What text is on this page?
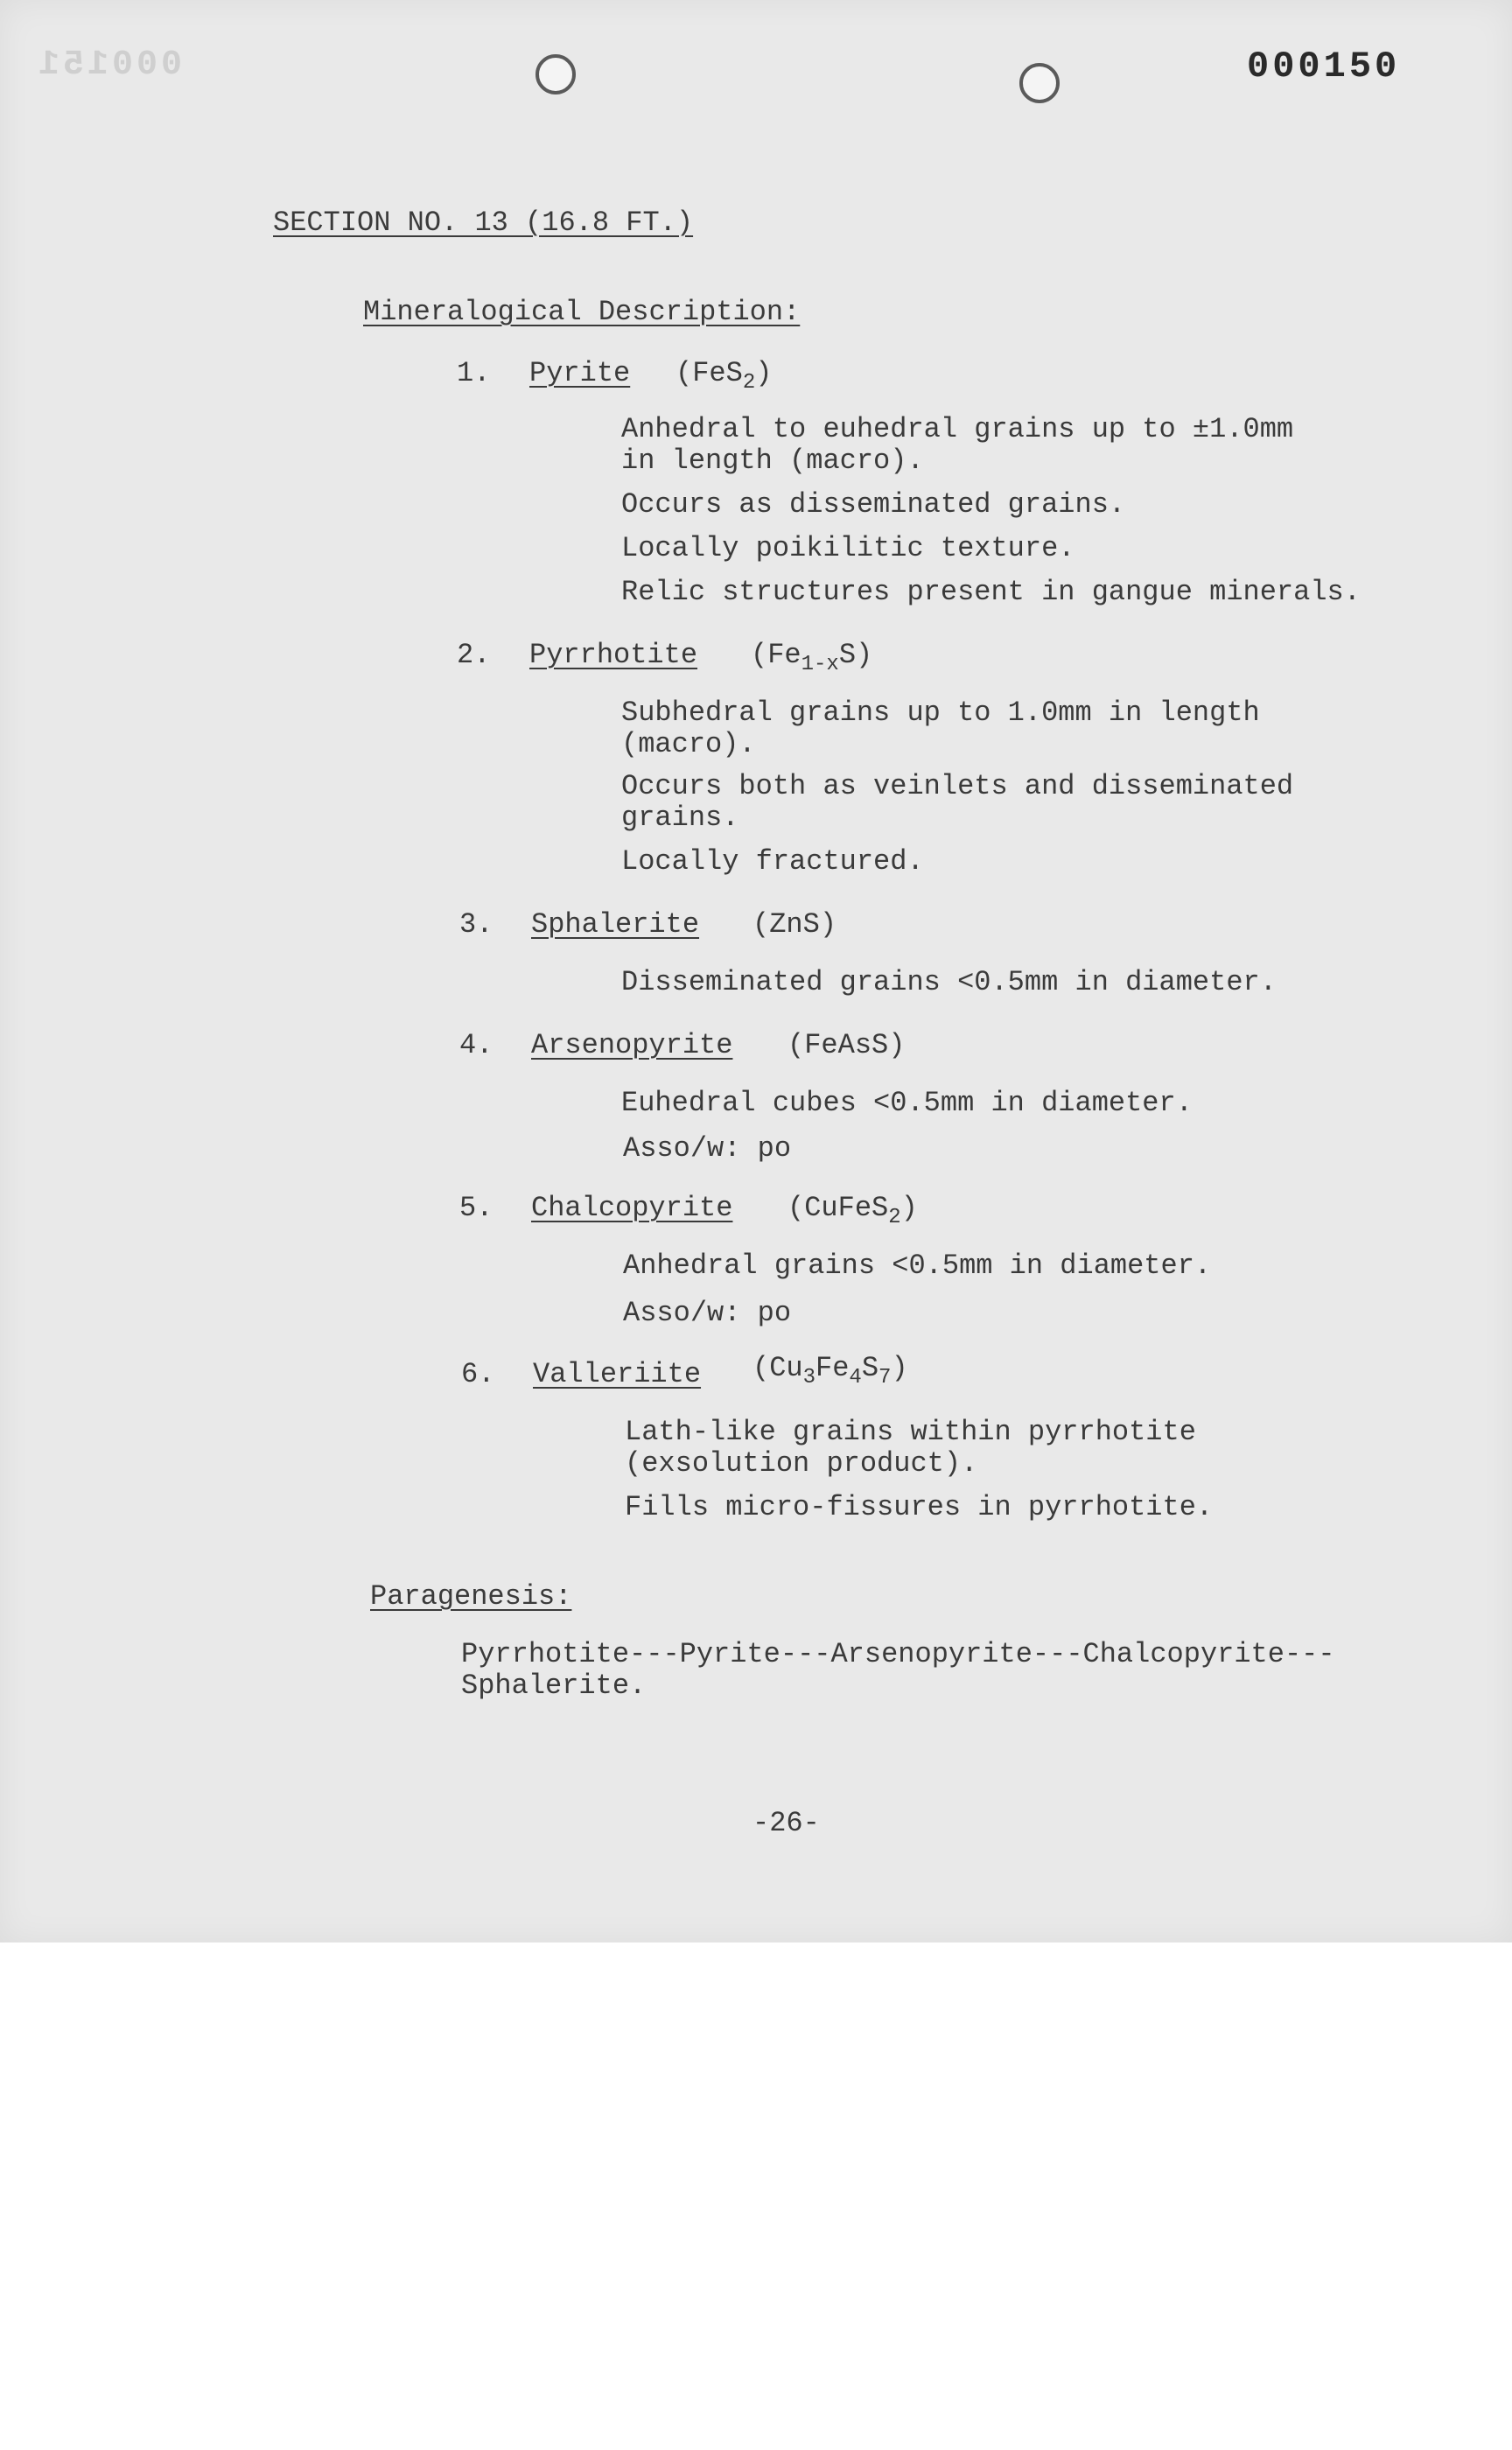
000151	000150
SECTION NO. 13 (16.8 FT.)
Mineralogical Description:
1. Pyrite (FeS$_2$)
Anhedral to euhedral grains up to ±1.0mm
in length (macro).
Occurs as disseminated grains.
Locally poikilitic texture.
Relic structures present in gangue minerals.
2. Pyrrhotite $(Fe_{1-x}S)$
Subhedral grains up to 1.0mm in length
(macro).
Occurs both as veinlets and disseminated
grains.
Locally fractured.
3. Sphalerite (ZnS)
Disseminated grains <0.5mm in diameter.
4. Arsenopyrite (FeAsS)
Euhedral cubes <0.5mm in diameter.
Asso/w: po
5. Chalcopyrite (CuFeS$_2$)
Anhedral grains <0.5mm in diameter.
Asso/w: po
6. Valleriite $(Cu_3Fe_4S_7)$
Lath-like grains within pyrrhotite
(exsolution product).
Fills micro-fissures in pyrrhotite.
Paragenesis:
Pyrrhotite---Pyrite---Arsenopyrite---Chalcopyrite---
Sphalerite.
-26-
